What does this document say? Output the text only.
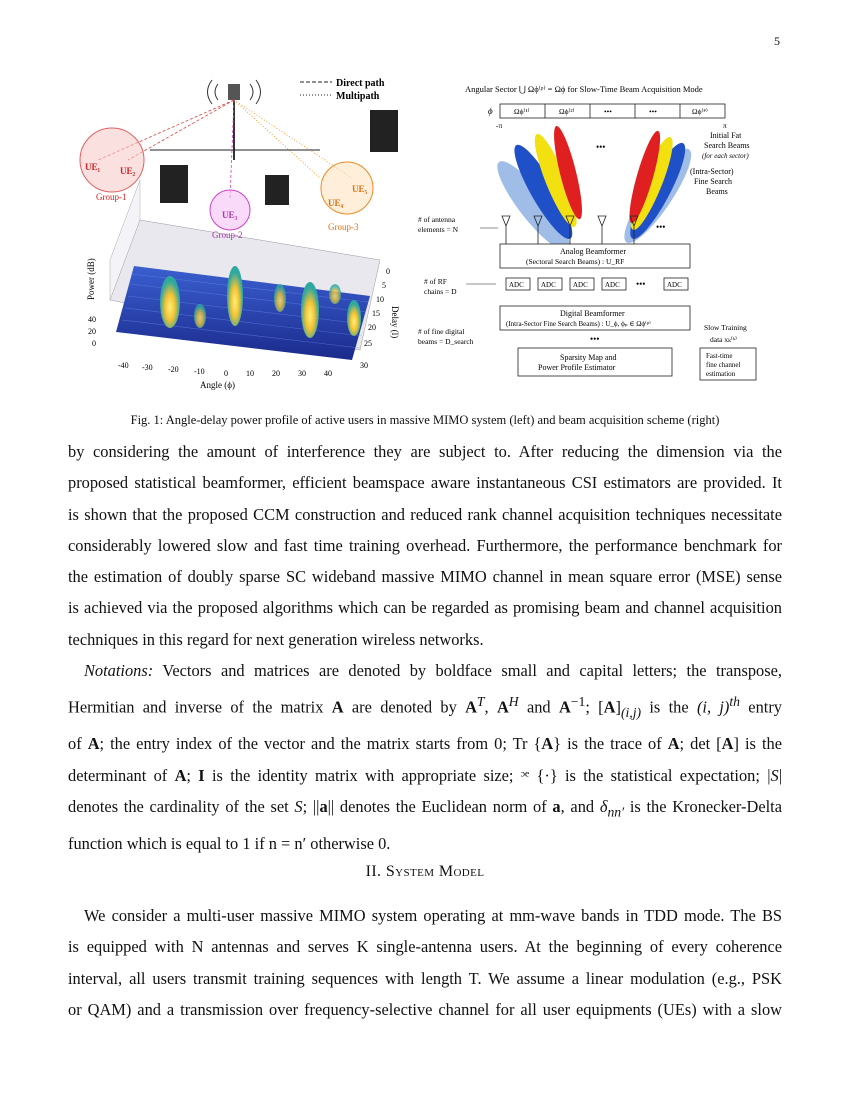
5
Direct path
Multipath
UE₁ UE₂
UE₃
UE₄
UE₅
Group-1
Group-2
Group-3
Power (dB)
40
20
0
-40 -30 -20 -10 0 10 20 30 40
Angle (ϕ)
0
5
10
15
20
25
30
Delay (l)
Angular Sector ⋃ Ωϕ⁽ᵖ⁾ = Ωϕ for Slow-Time Beam Acquisition Mode
Ωϕ⁽¹⁾	Ωϕ⁽²⁾	•••	•••	Ωϕ⁽ᴾ⁾
ϕ
-π	π
•••
Initial Fat
Search Beams
(for each sector)
(Intra-Sector)
Fine Search
Beams
•••
# of antenna
elements = N
Analog Beamformer
(Sectoral Search Beams) : U_RF
# of RF
chains = D
ADC ADC ADC ADC	ADC
•••
Digital Beamformer
(Intra-Sector Fine Search Beams) : U_ϕ, ϕₚ ∈ Ωϕ⁽ᵖ⁾
# of fine digital
beams = D_search	•••
Slow Training
data xₖ⁽ᵏ⁾
Sparsity Map and
Power Profile Estimator
Fast-time
fine channel
estimation
Fig. 1: Angle-delay power profile of active users in massive MIMO system (left) and beam acquisition scheme (right)
by considering the amount of interference they are subject to. After reducing the dimension via the
proposed statistical beamformer, efficient beamspace aware instantaneous CSI estimators are provided. It
is shown that the proposed CCM construction and reduced rank channel acquisition techniques necessitate
considerably lowered slow and fast time training overhead. Furthermore, the performance benchmark for
the estimation of doubly sparse SC wideband massive MIMO channel in mean square error (MSE) sense
is achieved via the proposed algorithms which can be regarded as promising beam and channel acquisition
techniques in this regard for next generation wireless networks.
Notations: Vectors and matrices are denoted by boldface small and capital letters; the transpose,
Hermitian and inverse of the matrix A are denoted by $A^T$, $A^H$ and $A^{-1}$; $[A]_{(i,j)}$ is the (i, j)$^{th}$ entry
of A; the entry index of the vector and the matrix starts from 0; Tr {A} is the trace of A; det [A] is the
determinant of A; I is the identity matrix with appropriate size; ᵓᵉ {·} is the statistical expectation; |S|
denotes the cardinality of the set S; ||a|| denotes the Euclidean norm of a, and $\delta_{nn'}$ is the Kronecker-Delta
function which is equal to 1 if n = n′ otherwise 0.
II. System Model
We consider a multi-user massive MIMO system operating at mm-wave bands in TDD mode. The BS
is equipped with N antennas and serves K single-antenna users. At the beginning of every coherence
interval, all users transmit training sequences with length T. We assume a linear modulation (e.g., PSK
or QAM) and a transmission over frequency-selective channel for all user equipments (UEs) with a slow
